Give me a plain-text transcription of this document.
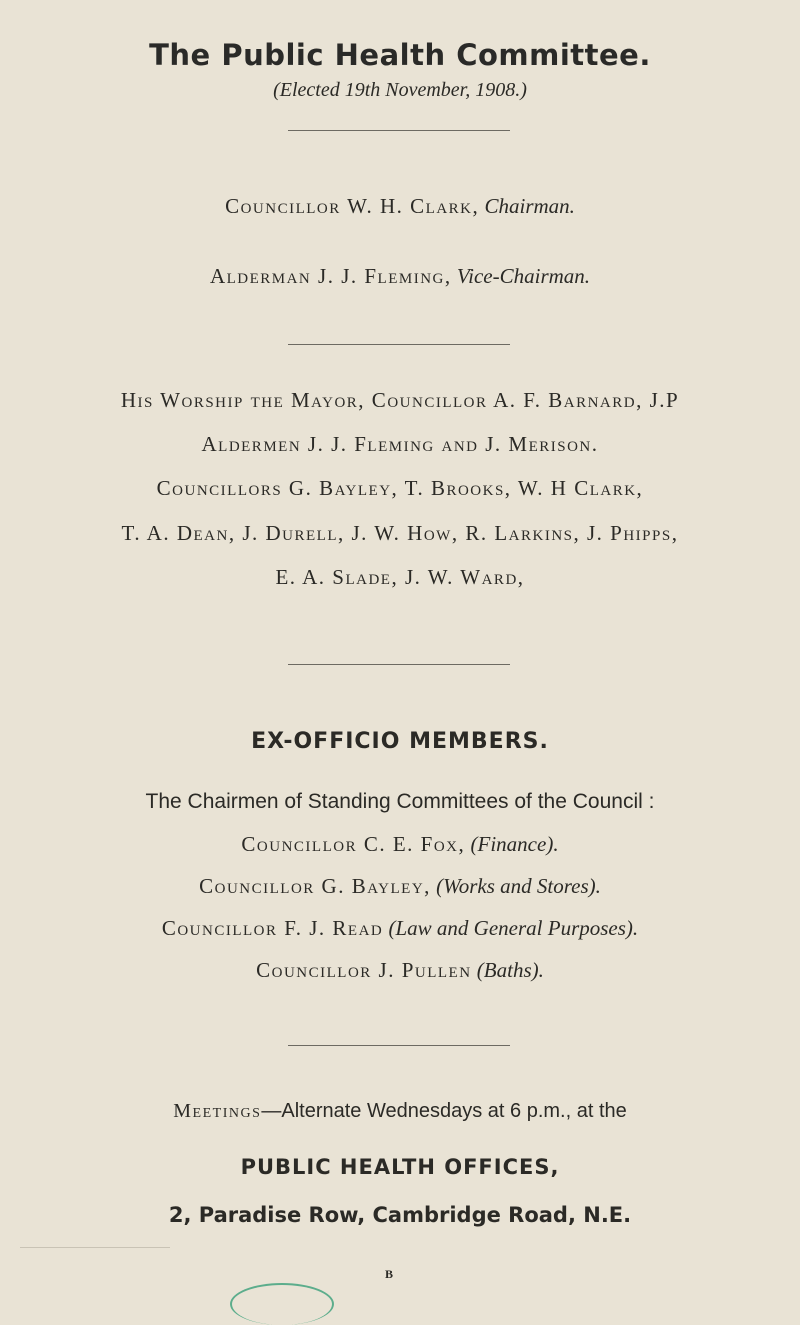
The Public Health Committee.
(Elected 19th November, 1908.)
Councillor W. H. Clark, Chairman.
Alderman J. J. Fleming, Vice-Chairman.
His Worship the Mayor, Councillor A. F. Barnard, J.P
Aldermen J. J. Fleming and J. Merison.
Councillors G. Bayley, T. Brooks, W. H Clark,
T. A. Dean, J. Durell, J. W. How, R. Larkins, J. Phipps,
E. A. Slade, J. W. Ward,
EX-OFFICIO MEMBERS.
The Chairmen of Standing Committees of the Council :
Councillor C. E. Fox, (Finance).
Councillor G. Bayley, (Works and Stores).
Councillor F. J. Read (Law and General Purposes).
Councillor J. Pullen (Baths).
Meetings—Alternate Wednesdays at 6 p.m., at the
PUBLIC HEALTH OFFICES,
2, Paradise Row, Cambridge Road, N.E.
B
